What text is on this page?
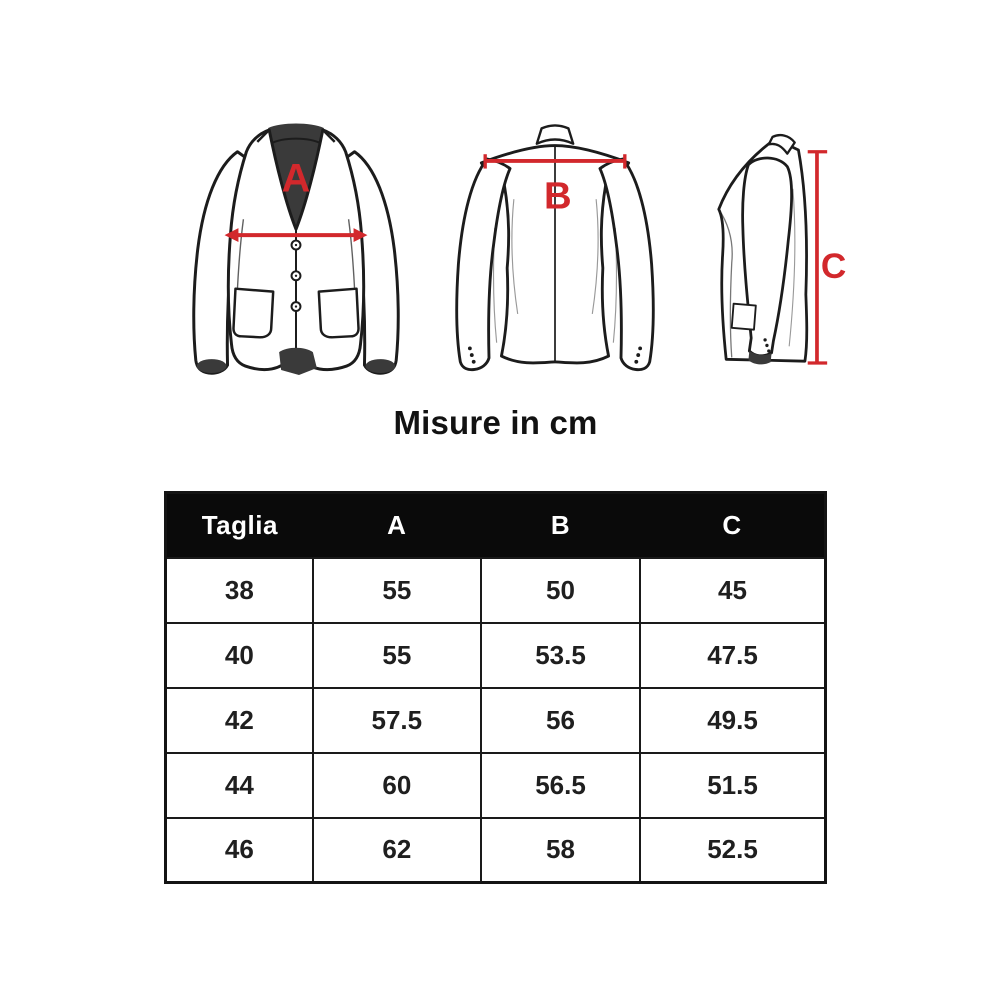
A	B
C
Misure in cm
Taglia	A	B	C
38	55	50	45
40	55	53.5	47.5
42	57.5	56	49.5
44	60	56.5	51.5
46	62	58	52.5
